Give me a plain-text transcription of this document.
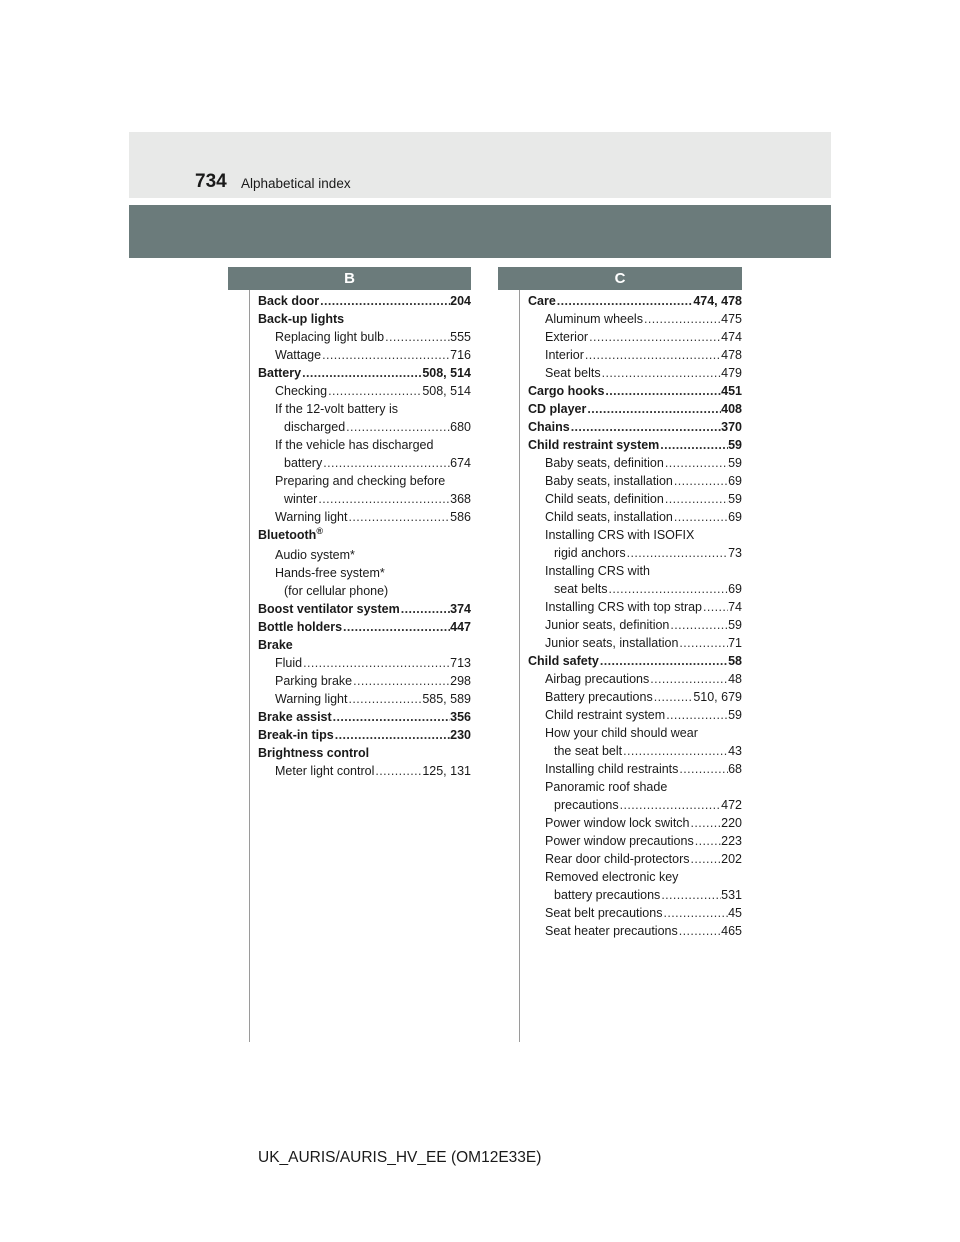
734 Alphabetical index
B
Back door .....	204
Back-up lights
Replacing light bulb .....	555
Wattage .....	716
Battery .....	508, 514
Checking .....	508, 514
If the 12-volt battery is
discharged .....	680
If the vehicle has discharged
battery .....	674
Preparing and checking before
winter .....	368
Warning light .....	586
Bluetooth®
Audio system*
Hands-free system*
(for cellular phone)
Boost ventilator system .....	374
Bottle holders .....	447
Brake
Fluid .....	713
Parking brake .....	298
Warning light .....	585, 589
Brake assist .....	356
Break-in tips .....	230
Brightness control
Meter light control .....	125, 131
C
Care .....	474, 478
Aluminum wheels .....	475
Exterior .....	474
Interior .....	478
Seat belts .....	479
Cargo hooks .....	451
CD player .....	408
Chains .....	370
Child restraint system .....	59
Baby seats, definition .....	59
Baby seats, installation .....	69
Child seats, definition .....	59
Child seats, installation .....	69
Installing CRS with ISOFIX
rigid anchors .....	73
Installing CRS with
seat belts .....	69
Installing CRS with top strap ..... 74
Junior seats, definition .....	59
Junior seats, installation .....	71
Child safety .....	58
Airbag precautions .....	48
Battery precautions .....	510, 679
Child restraint system .....	59
How your child should wear
the seat belt .....	43
Installing child restraints .....	68
Panoramic roof shade
precautions .....	472
Power window lock switch .....	220
Power window precautions ..... 223
Rear door child-protectors .....	202
Removed electronic key
battery precautions .....	531
Seat belt precautions .....	45
Seat heater precautions .....	465
UK_AURIS/AURIS_HV_EE (OM12E33E)
